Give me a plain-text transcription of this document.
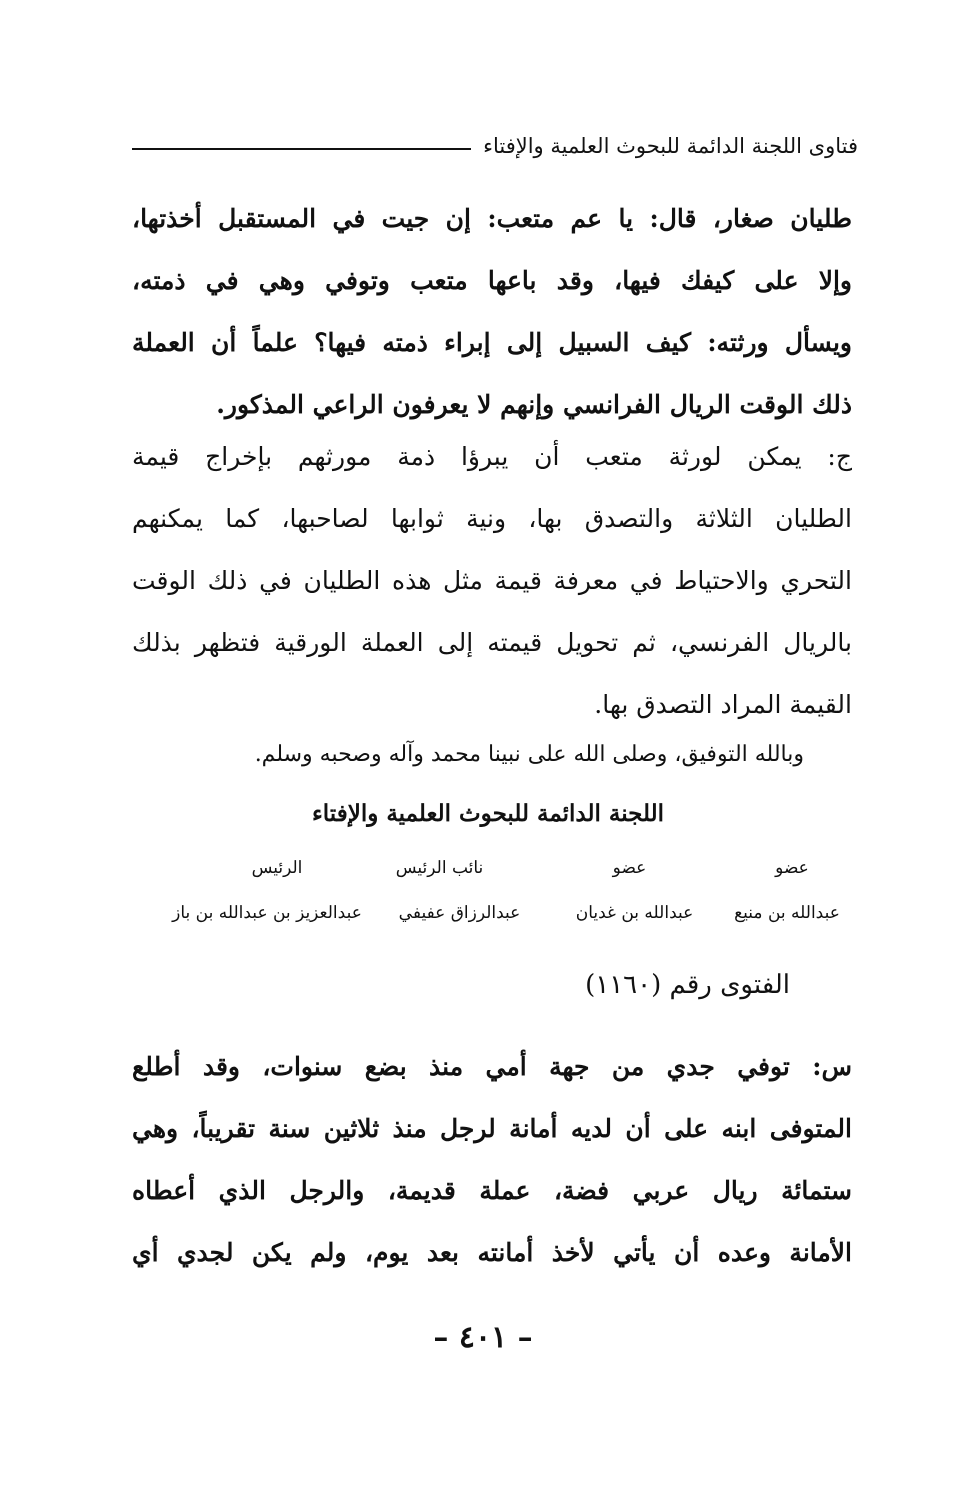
فتاوى اللجنة الدائمة للبحوث العلمية والإفتاء
طليان صغار، قال: يا عم متعب: إن جيت في المستقبل أخذتها،
وإلا على كيفك فيها، وقد باعها متعب وتوفي وهي في ذمته،
ويسأل ورثته: كيف السبيل إلى إبراء ذمته فيها؟ علماً أن العملة
ذلك الوقت الريال الفرانسي وإنهم لا يعرفون الراعي المذكور.
ج: يمكن لورثة متعب أن يبرؤا ذمة مورثهم بإخراج قيمة
الطليان الثلاثة والتصدق بها، ونية ثوابها لصاحبها، كما يمكنهم
التحري والاحتياط في معرفة قيمة مثل هذه الطليان في ذلك الوقت
بالريال الفرنسي، ثم تحويل قيمته إلى العملة الورقية فتظهر بذلك
القيمة المراد التصدق بها.
وبالله التوفيق، وصلى الله على نبينا محمد وآله وصحبه وسلم.
اللجنة الدائمة للبحوث العلمية والإفتاء
عضو
عضو
نائب الرئيس
الرئيس
عبدالله بن منيع
عبدالله بن غديان
عبدالرزاق عفيفي
عبدالعزيز بن عبدالله بن باز
الفتوى رقم (١١٦٠)
س: توفي جدي من جهة أمي منذ بضع سنوات، وقد أطلع
المتوفى ابنه على أن لديه أمانة لرجل منذ ثلاثين سنة تقريباً، وهي
ستمائة ريال عربي فضة، عملة قديمة، والرجل الذي أعطاه
الأمانة وعده أن يأتي لأخذ أمانته بعد يوم، ولم يكن لجدي أي
– ٤٠١ –
